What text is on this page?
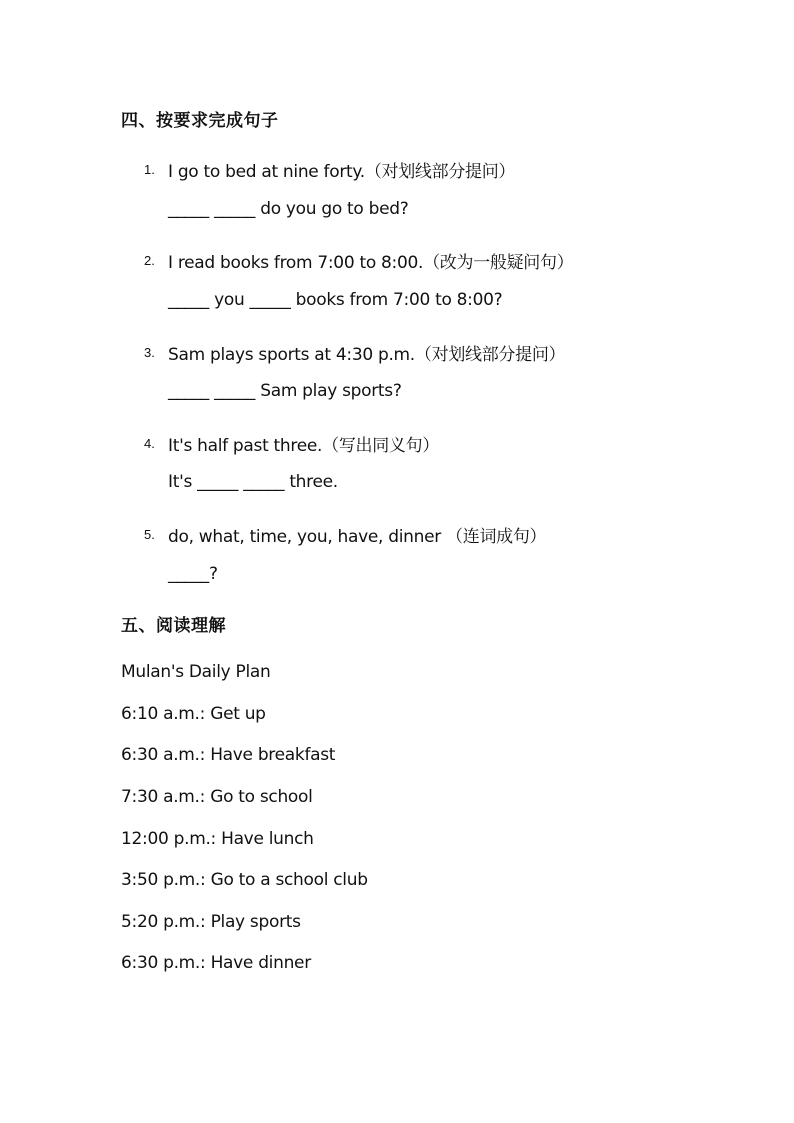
四、按要求完成句子
1. I go to bed at nine forty.（对划线部分提问）
_____ _____ do you go to bed?
2. I read books from 7:00 to 8:00.（改为一般疑问句）
_____ you _____ books from 7:00 to 8:00?
3. Sam plays sports at 4:30 p.m.（对划线部分提问）
_____ _____ Sam play sports?
4. It's half past three.（写出同义句）
It's _____ _____ three.
5. do, what, time, you, have, dinner （连词成句）
_____?
五、阅读理解
Mulan's Daily Plan
6:10 a.m.: Get up
6:30 a.m.: Have breakfast
7:30 a.m.: Go to school
12:00 p.m.: Have lunch
3:50 p.m.: Go to a school club
5:20 p.m.: Play sports
6:30 p.m.: Have dinner
